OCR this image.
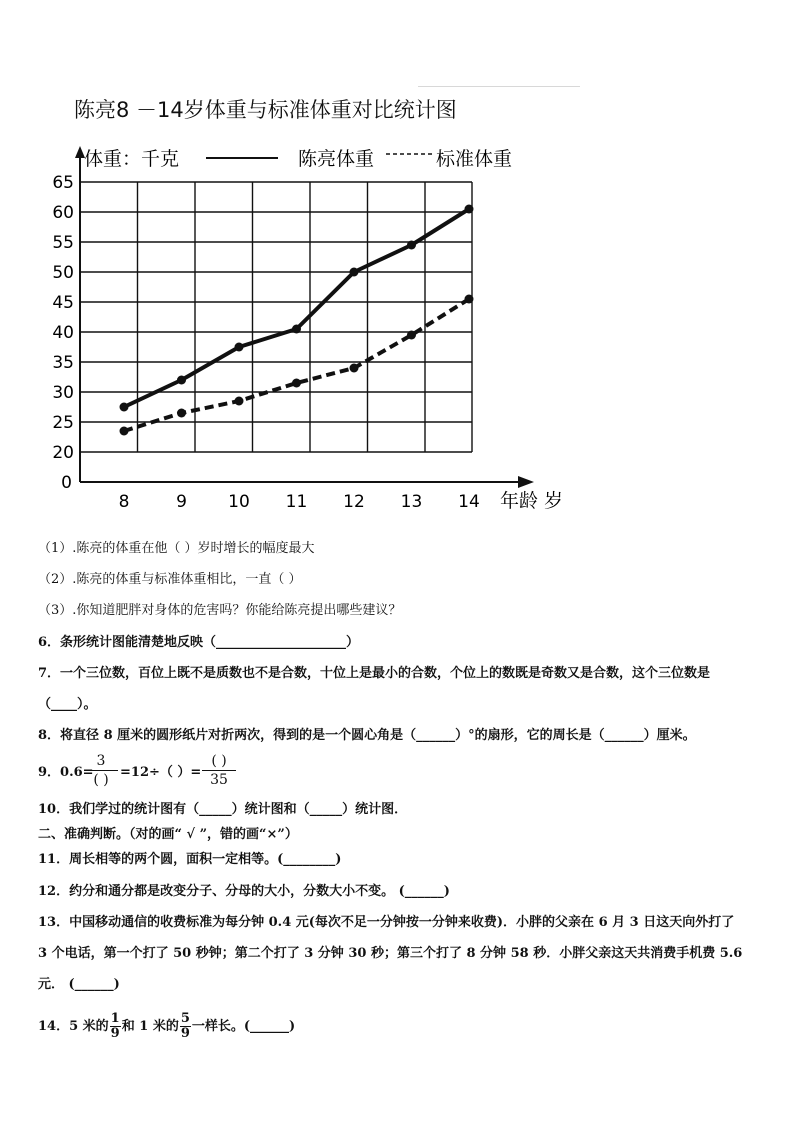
陈亮8 －14岁体重与标准体重对比统计图
体重：千克	陈亮体重	标准体重
65
60
55
50
45
40
35
30
25
20
0
8	9 10 11 12 13 14 年龄 岁
（1）.陈亮的体重在他（ ）岁时增长的幅度最大
（2）.陈亮的体重与标准体重相比，一直（ ）
（3）.你知道肥胖对身体的危害吗？你能给陈亮提出哪些建议？
6．条形统计图能清楚地反映（____________________）
7．一个三位数，百位上既不是质数也不是合数，十位上是最小的合数，个位上的数既是奇数又是合数，这个三位数是
（____）。
8．将直径 8 厘米的圆形纸片对折两次，得到的是一个圆心角是（______）°的扇形，它的周长是（______）厘米。
9．0.6=
3
( ) =12÷（ ）=
( )
35
10．我们学过的统计图有（_____）统计图和（_____）统计图．
二、准确判断。（对的画“ √ ”，错的画“×”）
11．周长相等的两个圆，面积一定相等。(________)
12．约分和通分都是改变分子、分母的大小，分数大小不变。 (______)
13．中国移动通信的收费标准为每分钟 0.4 元(每次不足一分钟按一分钟来收费)．小胖的父亲在 6 月 3 日这天向外打了
3 个电话，第一个打了 50 秒钟；第二个打了 3 分钟 30 秒；第三个打了 8 分钟 58 秒．小胖父亲这天共消费手机费 5.6
元． (______)
14．5 米的 $\frac{1}{9}$ 和 1 米的 $\frac{5}{9}$ 一样长。(______)
